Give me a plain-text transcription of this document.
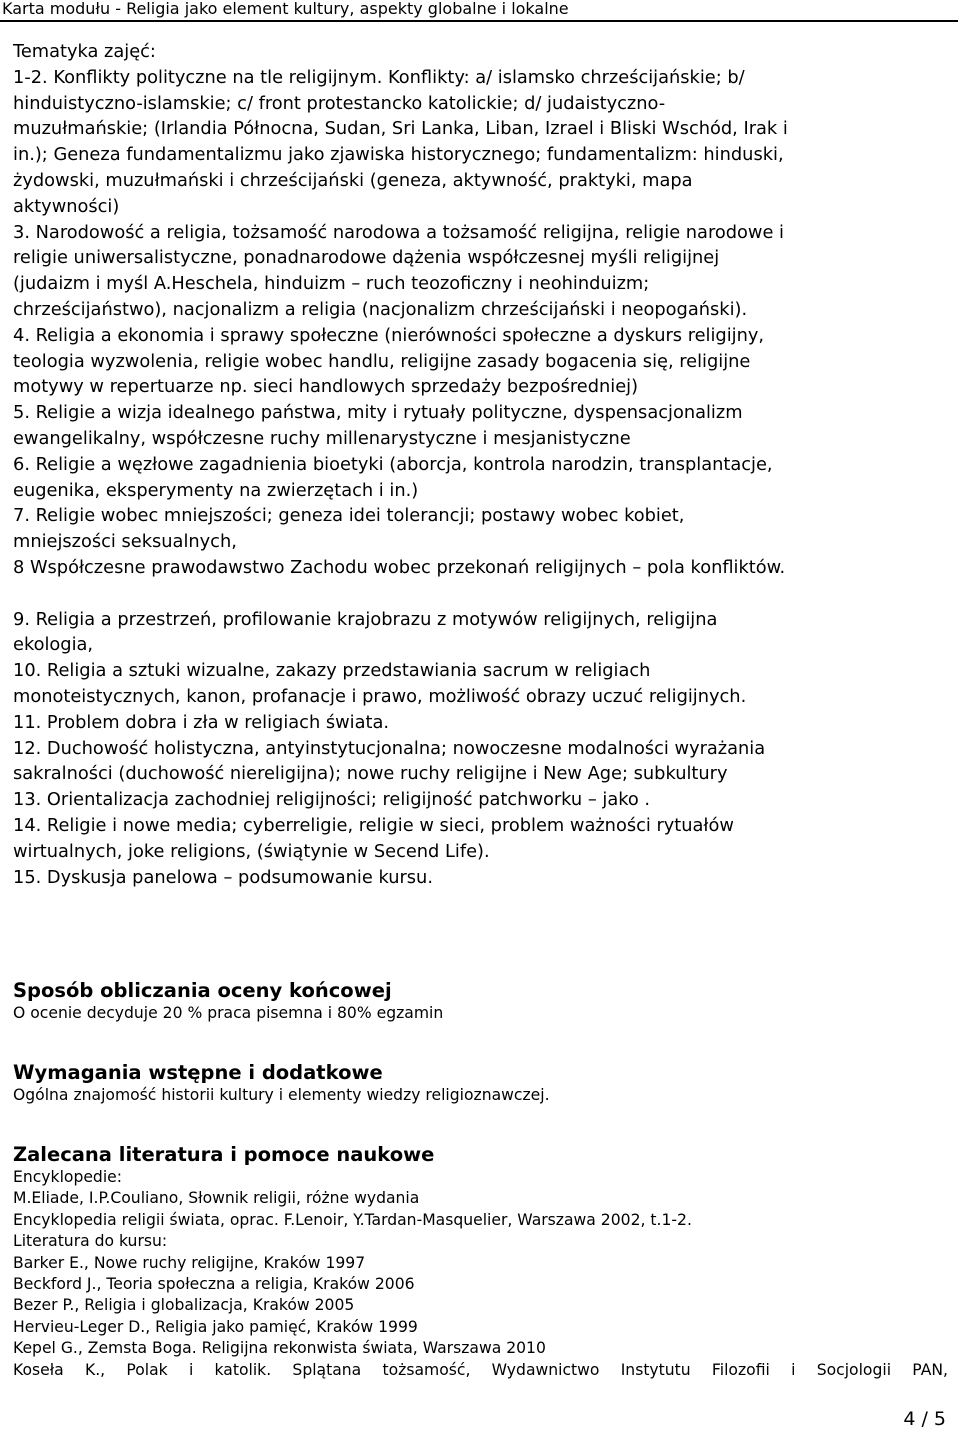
Karta modułu - Religia jako element kultury, aspekty globalne i lokalne
Tematyka zajęć:
1-2. Konflikty polityczne na tle religijnym. Konflikty: a/ islamsko chrześcijańskie; b/
hinduistyczno-islamskie; c/ front protestancko katolickie; d/ judaistyczno-
muzułmańskie; (Irlandia Północna, Sudan, Sri Lanka, Liban, Izrael i Bliski Wschód, Irak i
in.); Geneza fundamentalizmu jako zjawiska historycznego; fundamentalizm: hinduski,
żydowski, muzułmański i chrześcijański (geneza, aktywność, praktyki, mapa
aktywności)
3. Narodowość a religia, tożsamość narodowa a tożsamość religijna, religie narodowe i
religie uniwersalistyczne, ponadnarodowe dążenia współczesnej myśli religijnej
(judaizm i myśl A.Heschela, hinduizm – ruch teozoficzny i neohinduizm;
chrześcijaństwo), nacjonalizm a religia (nacjonalizm chrześcijański i neopogański).
4. Religia a ekonomia i sprawy społeczne (nierówności społeczne a dyskurs religijny,
teologia wyzwolenia, religie wobec handlu, religijne zasady bogacenia się, religijne
motywy w repertuarze np. sieci handlowych sprzedaży bezpośredniej)
5. Religie a wizja idealnego państwa, mity i rytuały polityczne, dyspensacjonalizm
ewangelikalny, współczesne ruchy millenarystyczne i mesjanistyczne
6. Religie a węzłowe zagadnienia bioetyki (aborcja, kontrola narodzin, transplantacje,
eugenika, eksperymenty na zwierzętach i in.)
7. Religie wobec mniejszości; geneza idei tolerancji; postawy wobec kobiet,
mniejszości seksualnych,
8 Współczesne prawodawstwo Zachodu wobec przekonań religijnych – pola konfliktów.
9. Religia a przestrzeń, profilowanie krajobrazu z motywów religijnych, religijna
ekologia,
10. Religia a sztuki wizualne, zakazy przedstawiania sacrum w religiach
monoteistycznych, kanon, profanacje i prawo, możliwość obrazy uczuć religijnych.
11. Problem dobra i zła w religiach świata.
12. Duchowość holistyczna, antyinstytucjonalna; nowoczesne modalności wyrażania
sakralności (duchowość niereligijna); nowe ruchy religijne i New Age; subkultury
13. Orientalizacja zachodniej religijności; religijność patchworku – jako .
14. Religie i nowe media; cyberreligie, religie w sieci, problem ważności rytuałów
wirtualnych, joke religions, (świątynie w Secend Life).
15. Dyskusja panelowa – podsumowanie kursu.
Sposób obliczania oceny końcowej
O ocenie decyduje 20 % praca pisemna i 80% egzamin
Wymagania wstępne i dodatkowe
Ogólna znajomość historii kultury i elementy wiedzy religioznawczej.
Zalecana literatura i pomoce naukowe
Encyklopedie:
M.Eliade, I.P.Couliano, Słownik religii, różne wydania
Encyklopedia religii świata, oprac. F.Lenoir, Y.Tardan-Masquelier, Warszawa 2002, t.1-2.
Literatura do kursu:
Barker E., Nowe ruchy religijne, Kraków 1997
Beckford J., Teoria społeczna a religia, Kraków 2006
Bezer P., Religia i globalizacja, Kraków 2005
Hervieu-Leger D., Religia jako pamięć, Kraków 1999
Kepel G., Zemsta Boga. Religijna rekonwista świata, Warszawa 2010
Koseła K., Polak i katolik. Splątana tożsamość, Wydawnictwo Instytutu Filozofii i Socjologii PAN,
4 / 5
